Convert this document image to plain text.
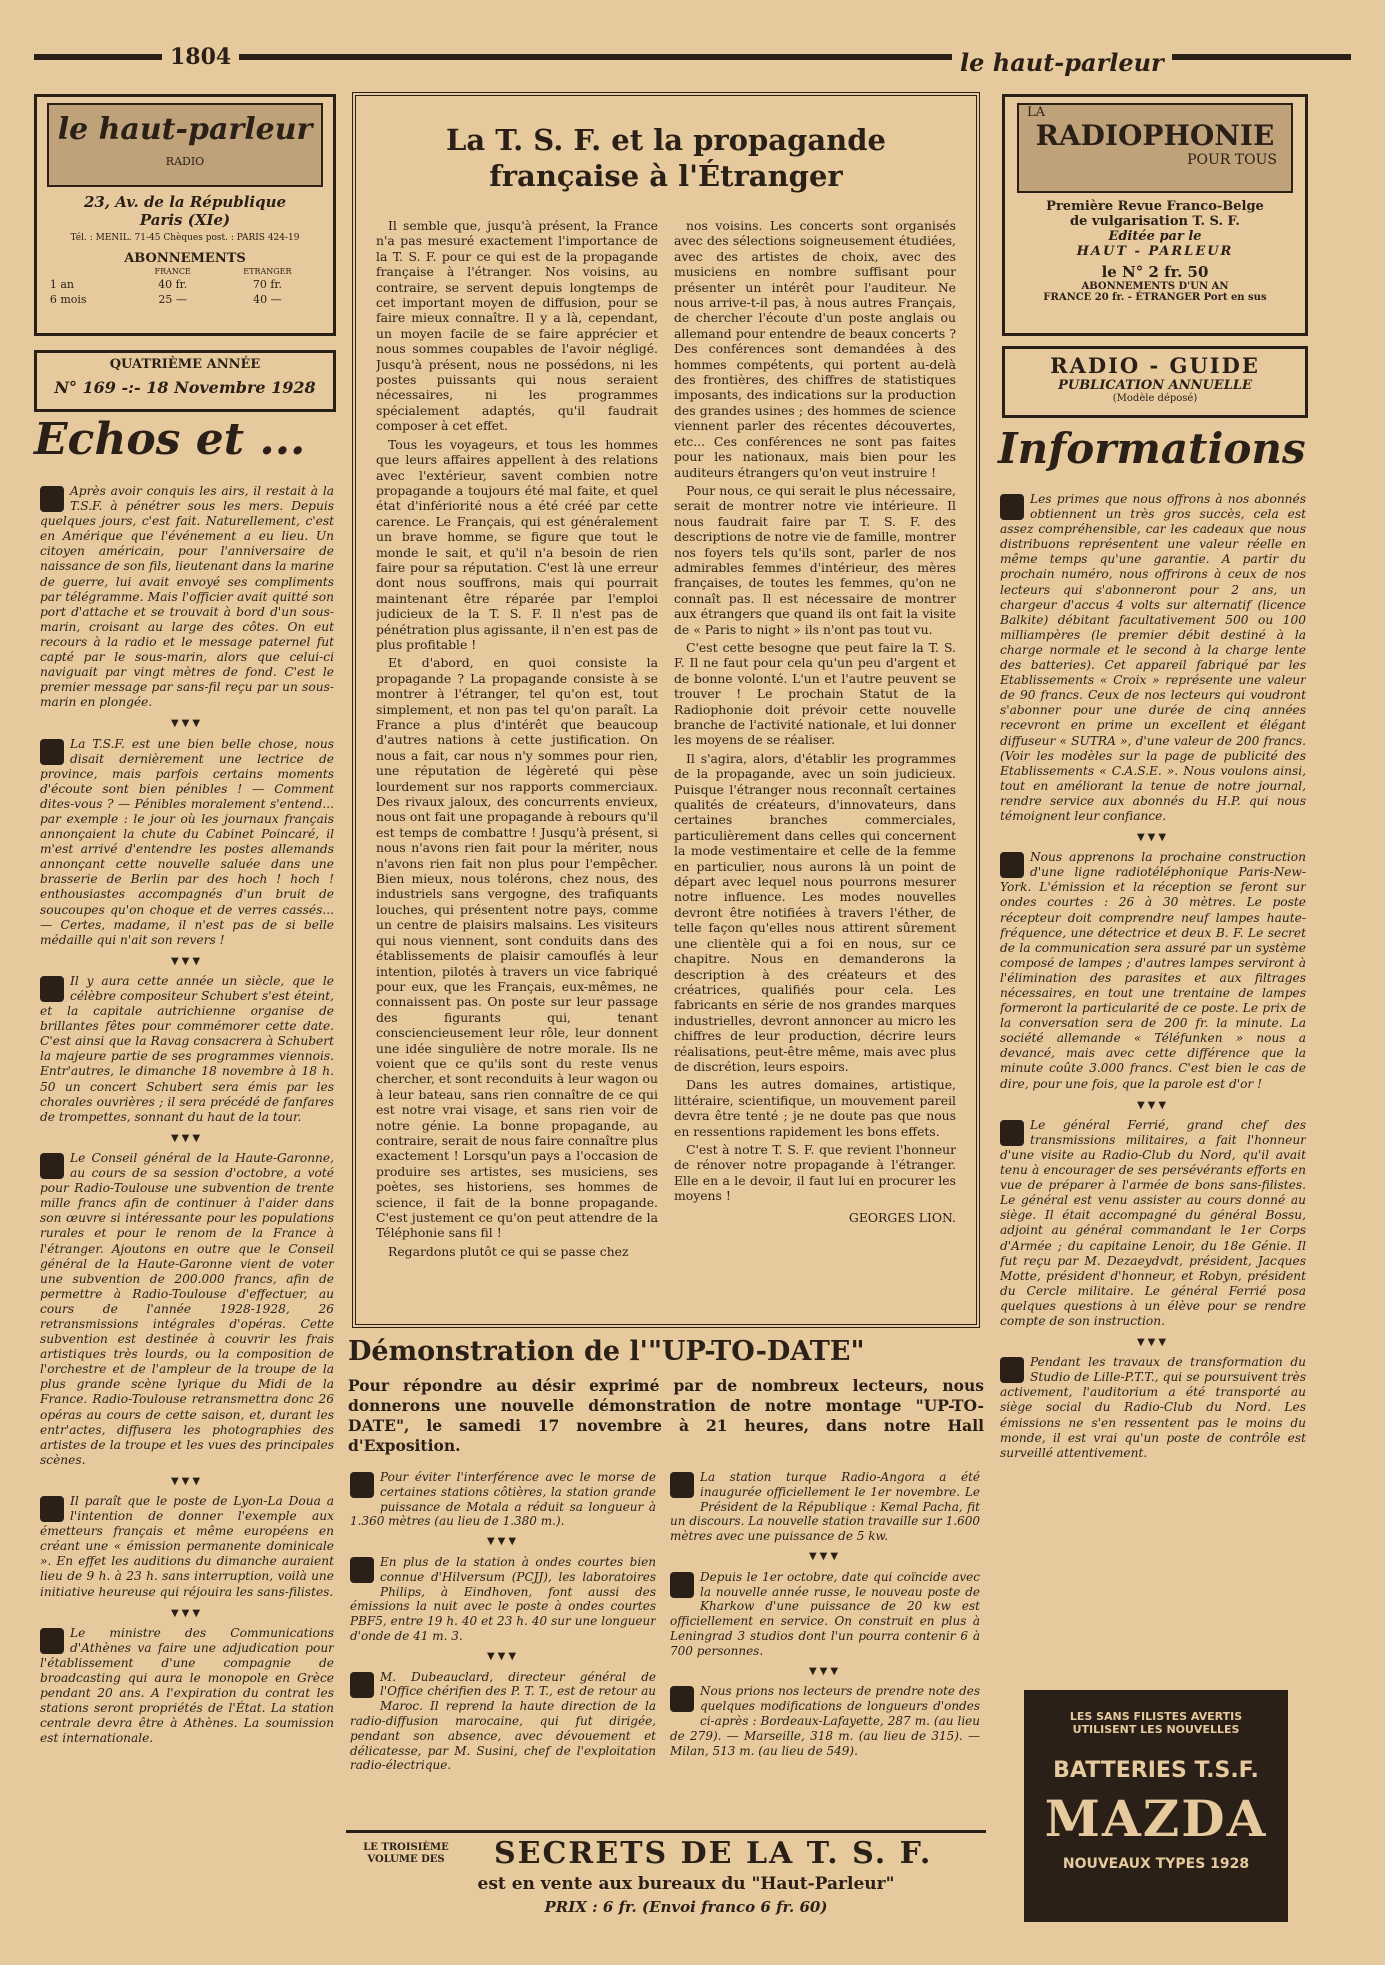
1804	le haut-parleur
le haut-parleur
RADIO
23, Av. de la République
Paris (XIe)
Tél. : MENIL. 71-45 Chèques post. : PARIS 424-19
ABONNEMENTS
	FRANCE	ETRANGER
1 an	40 fr.	70 fr.
6 mois	25 —	40 —
QUATRIÈME ANNÉE
N° 169 -:- 18 Novembre 1928
Echos et ...
Après avoir conquis les airs, il restait à la T.S.F. à pénétrer sous les mers. Depuis quelques jours, c'est fait. Naturellement, c'est en Amérique que l'événement a eu lieu. Un citoyen américain, pour l'anniversaire de naissance de son fils, lieutenant dans la marine de guerre, lui avait envoyé ses compliments par télégramme. Mais l'officier avait quitté son port d'attache et se trouvait à bord d'un sous-marin, croisant au large des côtes. On eut recours à la radio et le message paternel fut capté par le sous-marin, alors que celui-ci naviguait par vingt mètres de fond. C'est le premier message par sans-fil reçu par un sous-marin en plongée.
▼▼▼
La T.S.F. est une bien belle chose, nous disait dernièrement une lectrice de province, mais parfois certains moments d'écoute sont bien pénibles ! — Comment dites-vous ? — Pénibles moralement s'entend... par exemple : le jour où les journaux français annonçaient la chute du Cabinet Poincaré, il m'est arrivé d'entendre les postes allemands annonçant cette nouvelle saluée dans une brasserie de Berlin par des hoch ! hoch ! enthousiastes accompagnés d'un bruit de soucoupes qu'on choque et de verres cassés... — Certes, madame, il n'est pas de si belle médaille qui n'ait son revers !
▼▼▼
Il y aura cette année un siècle, que le célèbre compositeur Schubert s'est éteint, et la capitale autrichienne organise de brillantes fêtes pour commémorer cette date. C'est ainsi que la Ravag consacrera à Schubert la majeure partie de ses programmes viennois. Entr'autres, le dimanche 18 novembre à 18 h. 50 un concert Schubert sera émis par les chorales ouvrières ; il sera précédé de fanfares de trompettes, sonnant du haut de la tour.
▼▼▼
Le Conseil général de la Haute-Garonne, au cours de sa session d'octobre, a voté pour Radio-Toulouse une subvention de trente mille francs afin de continuer à l'aider dans son œuvre si intéressante pour les populations rurales et pour le renom de la France à l'étranger. Ajoutons en outre que le Conseil général de la Haute-Garonne vient de voter une subvention de 200.000 francs, afin de permettre à Radio-Toulouse d'effectuer, au cours de l'année 1928-1928, 26 retransmissions intégrales d'opéras. Cette subvention est destinée à couvrir les frais artistiques très lourds, ou la composition de l'orchestre et de l'ampleur de la troupe de la plus grande scène lyrique du Midi de la France. Radio-Toulouse retransmettra donc 26 opéras au cours de cette saison, et, durant les entr'actes, diffusera les photographies des artistes de la troupe et les vues des principales scènes.
▼▼▼
Il paraît que le poste de Lyon-La Doua a l'intention de donner l'exemple aux émetteurs français et même européens en créant une « émission permanente dominicale ». En effet les auditions du dimanche auraient lieu de 9 h. à 23 h. sans interruption, voilà une initiative heureuse qui réjouira les sans-filistes.
▼▼▼
Le ministre des Communications d'Athènes va faire une adjudication pour l'établissement d'une compagnie de broadcasting qui aura le monopole en Grèce pendant 20 ans. A l'expiration du contrat les stations seront propriétés de l'État. La station centrale devra être à Athènes. La soumission est internationale.
La T. S. F. et la propagande française à l'Étranger

Il semble que, jusqu'à présent, la France n'a pas mesuré exactement l'importance de la T. S. F. pour ce qui est de la propagande française à l'étranger. Nos voisins, au contraire, se servent depuis longtemps de cet important moyen de diffusion, pour se faire mieux connaître. Il y a là, cependant, un moyen facile de se faire apprécier et nous sommes coupables de l'avoir négligé. Jusqu'à présent, nous ne possédons, ni les postes puissants qui nous seraient nécessaires, ni les programmes spécialement adaptés, qu'il faudrait composer à cet effet.

Tous les voyageurs, et tous les hommes que leurs affaires appellent à des relations avec l'extérieur, savent combien notre propagande a toujours été mal faite, et quel état d'infériorité nous a été créé par cette carence. Le Français, qui est généralement un brave homme, se figure que tout le monde le sait, et qu'il n'a besoin de rien faire pour sa réputation. C'est là une erreur dont nous souffrons, mais qui pourrait maintenant être réparée par l'emploi judicieux de la T. S. F. Il n'est pas de pénétration plus agissante, il n'en est pas de plus profitable !

Et d'abord, en quoi consiste la propagande ? La propagande consiste à se montrer à l'étranger, tel qu'on est, tout simplement, et non pas tel qu'on paraît. La France a plus d'intérêt que beaucoup d'autres nations à cette justification. On nous a fait, car nous n'y sommes pour rien, une réputation de légèreté qui pèse lourdement sur nos rapports commerciaux. Des rivaux jaloux, des concurrents envieux, nous ont fait une propagande à rebours qu'il est temps de combattre ! Jusqu'à présent, si nous n'avons rien fait pour la mériter, nous n'avons rien fait non plus pour l'empêcher. Bien mieux, nous tolérons, chez nous, des industriels sans vergogne, des trafiquants louches, qui présentent notre pays, comme un centre de plaisirs malsains. Les visiteurs qui nous viennent, sont conduits dans des établissements de plaisir camouflés à leur intention, pilotés à travers un vice fabriqué pour eux, que les Français, eux-mêmes, ne connaissent pas. On poste sur leur passage des figurants qui, tenant consciencieusement leur rôle, leur donnent une idée singulière de notre morale. Ils ne voient que ce qu'ils sont du reste venus chercher, et sont reconduits à leur wagon ou à leur bateau, sans rien connaître de ce qui est notre vrai visage, et sans rien voir de notre génie. La bonne propagande, au contraire, serait de nous faire connaître plus exactement ! Lorsqu'un pays a l'occasion de produire ses artistes, ses musiciens, ses poètes, ses historiens, ses hommes de science, il fait de la bonne propagande. C'est justement ce qu'on peut attendre de la Téléphonie sans fil !

Regardons plutôt ce qui se passe chez

nos voisins. Les concerts sont organisés avec des sélections soigneusement étudiées, avec des artistes de choix, avec des musiciens en nombre suffisant pour présenter un intérêt pour l'auditeur. Ne nous arrive-t-il pas, à nous autres Français, de chercher l'écoute d'un poste anglais ou allemand pour entendre de beaux concerts ? Des conférences sont demandées à des hommes compétents, qui portent au-delà des frontières, des chiffres de statistiques imposants, des indications sur la production des grandes usines ; des hommes de science viennent parler des récentes découvertes, etc... Ces conférences ne sont pas faites pour les nationaux, mais bien pour les auditeurs étrangers qu'on veut instruire !

Pour nous, ce qui serait le plus nécessaire, serait de montrer notre vie intérieure. Il nous faudrait faire par T. S. F. des descriptions de notre vie de famille, montrer nos foyers tels qu'ils sont, parler de nos admirables femmes d'intérieur, des mères françaises, de toutes les femmes, qu'on ne connaît pas. Il est nécessaire de montrer aux étrangers que quand ils ont fait la visite de « Paris to night » ils n'ont pas tout vu.

C'est cette besogne que peut faire la T. S. F. Il ne faut pour cela qu'un peu d'argent et de bonne volonté. L'un et l'autre peuvent se trouver ! Le prochain Statut de la Radiophonie doit prévoir cette nouvelle branche de l'activité nationale, et lui donner les moyens de se réaliser.

Il s'agira, alors, d'établir les programmes de la propagande, avec un soin judicieux. Puisque l'étranger nous reconnaît certaines qualités de créateurs, d'innovateurs, dans certaines branches commerciales, particulièrement dans celles qui concernent la mode vestimentaire et celle de la femme en particulier, nous aurons là un point de départ avec lequel nous pourrons mesurer notre influence. Les modes nouvelles devront être notifiées à travers l'éther, de telle façon qu'elles nous attirent sûrement une clientèle qui a foi en nous, sur ce chapitre. Nous en demanderons la description à des créateurs et des créatrices, qualifiés pour cela. Les fabricants en série de nos grandes marques industrielles, devront annoncer au micro les chiffres de leur production, décrire leurs réalisations, peut-être même, mais avec plus de discrétion, leurs espoirs.

Dans les autres domaines, artistique, littéraire, scientifique, un mouvement pareil devra être tenté ; je ne doute pas que nous en ressentions rapidement les bons effets.

C'est à notre T. S. F. que revient l'honneur de rénover notre propagande à l'étranger. Elle en a le devoir, il faut lui en procurer les moyens !

GEORGES LION.
Démonstration de l'"UP-TO-DATE"
Pour répondre au désir exprimé par de nombreux lecteurs, nous donnerons une nouvelle démonstration de notre montage "UP-TO-DATE", le samedi 17 novembre à 21 heures, dans notre Hall d'Exposition.
Pour éviter l'interférence avec le morse de certaines stations côtières, la station grande puissance de Motala a réduit sa longueur à 1.360 mètres (au lieu de 1.380 m.).
▼▼▼
En plus de la station à ondes courtes bien connue d'Hilversum (PCJJ), les laboratoires Philips, à Eindhoven, font aussi des émissions la nuit avec le poste à ondes courtes PBF5, entre 19 h. 40 et 23 h. 40 sur une longueur d'onde de 41 m. 3.
▼▼▼
M. Dubeauclard, directeur général de l'Office chérifien des P. T. T., est de retour au Maroc. Il reprend la haute direction de la radio-diffusion marocaine, qui fut dirigée, pendant son absence, avec dévouement et délicatesse, par M. Susini, chef de l'exploitation radio-électrique.
La station turque Radio-Angora a été inaugurée officiellement le 1er novembre. Le Président de la République : Kemal Pacha, fit un discours. La nouvelle station travaille sur 1.600 mètres avec une puissance de 5 kw.
▼▼▼
Depuis le 1er octobre, date qui coïncide avec la nouvelle année russe, le nouveau poste de Kharkow d'une puissance de 20 kw est officiellement en service. On construit en plus à Leningrad 3 studios dont l'un pourra contenir 6 à 700 personnes.
▼▼▼
Nous prions nos lecteurs de prendre note des quelques modifications de longueurs d'ondes ci-après : Bordeaux-Lafayette, 287 m. (au lieu de 279). — Marseille, 318 m. (au lieu de 315). — Milan, 513 m. (au lieu de 549).
LE TROISIÈME VOLUME DES	SECRETS DE LA T. S. F.
est en vente aux bureaux du "Haut-Parleur"
PRIX : 6 fr. (Envoi franco 6 fr. 60)
LA
RADIOPHONIE
POUR TOUS
Première Revue Franco-Belge
de vulgarisation T. S. F.
Editée par le
HAUT - PARLEUR
le N° 2 fr. 50
ABONNEMENTS D'UN AN
FRANCE 20 fr. - ÉTRANGER Port en sus
RADIO - GUIDE
PUBLICATION ANNUELLE
(Modèle déposé)
Informations
Les primes que nous offrons à nos abonnés obtiennent un très gros succès, cela est assez compréhensible, car les cadeaux que nous distribuons représentent une valeur réelle en même temps qu'une garantie. A partir du prochain numéro, nous offrirons à ceux de nos lecteurs qui s'abonneront pour 2 ans, un chargeur d'accus 4 volts sur alternatif (licence Balkite) débitant facultativement 500 ou 100 milliampères (le premier débit destiné à la charge normale et le second à la charge lente des batteries). Cet appareil fabriqué par les Etablissements « Croix » représente une valeur de 90 francs. Ceux de nos lecteurs qui voudront s'abonner pour une durée de cinq années recevront en prime un excellent et élégant diffuseur « SUTRA », d'une valeur de 200 francs. (Voir les modèles sur la page de publicité des Etablissements « C.A.S.E. ». Nous voulons ainsi, tout en améliorant la tenue de notre journal, rendre service aux abonnés du H.P. qui nous témoignent leur confiance.
▼▼▼
Nous apprenons la prochaine construction d'une ligne radiotéléphonique Paris-New-York. L'émission et la réception se feront sur ondes courtes : 26 à 30 mètres. Le poste récepteur doit comprendre neuf lampes haute-fréquence, une détectrice et deux B. F. Le secret de la communication sera assuré par un système composé de lampes ; d'autres lampes serviront à l'élimination des parasites et aux filtrages nécessaires, en tout une trentaine de lampes formeront la particularité de ce poste. Le prix de la conversation sera de 200 fr. la minute. La société allemande « Téléfunken » nous a devancé, mais avec cette différence que la minute coûte 3.000 francs. C'est bien le cas de dire, pour une fois, que la parole est d'or !
▼▼▼
Le général Ferrié, grand chef des transmissions militaires, a fait l'honneur d'une visite au Radio-Club du Nord, qu'il avait tenu à encourager de ses persévérants efforts en vue de préparer à l'armée de bons sans-filistes. Le général est venu assister au cours donné au siège. Il était accompagné du général Bossu, adjoint au général commandant le 1er Corps d'Armée ; du capitaine Lenoir, du 18e Génie. Il fut reçu par M. Dezaeydvdt, président, Jacques Motte, président d'honneur, et Robyn, président du Cercle militaire. Le général Ferrié posa quelques questions à un élève pour se rendre compte de son instruction.
▼▼▼
Pendant les travaux de transformation du Studio de Lille-P.T.T., qui se poursuivent très activement, l'auditorium a été transporté au siège social du Radio-Club du Nord. Les émissions ne s'en ressentent pas le moins du monde, il est vrai qu'un poste de contrôle est surveillé attentivement.
LES SANS FILISTES AVERTIS
UTILISENT LES NOUVELLES
BATTERIES T.S.F.
MAZDA
NOUVEAUX TYPES 1928
